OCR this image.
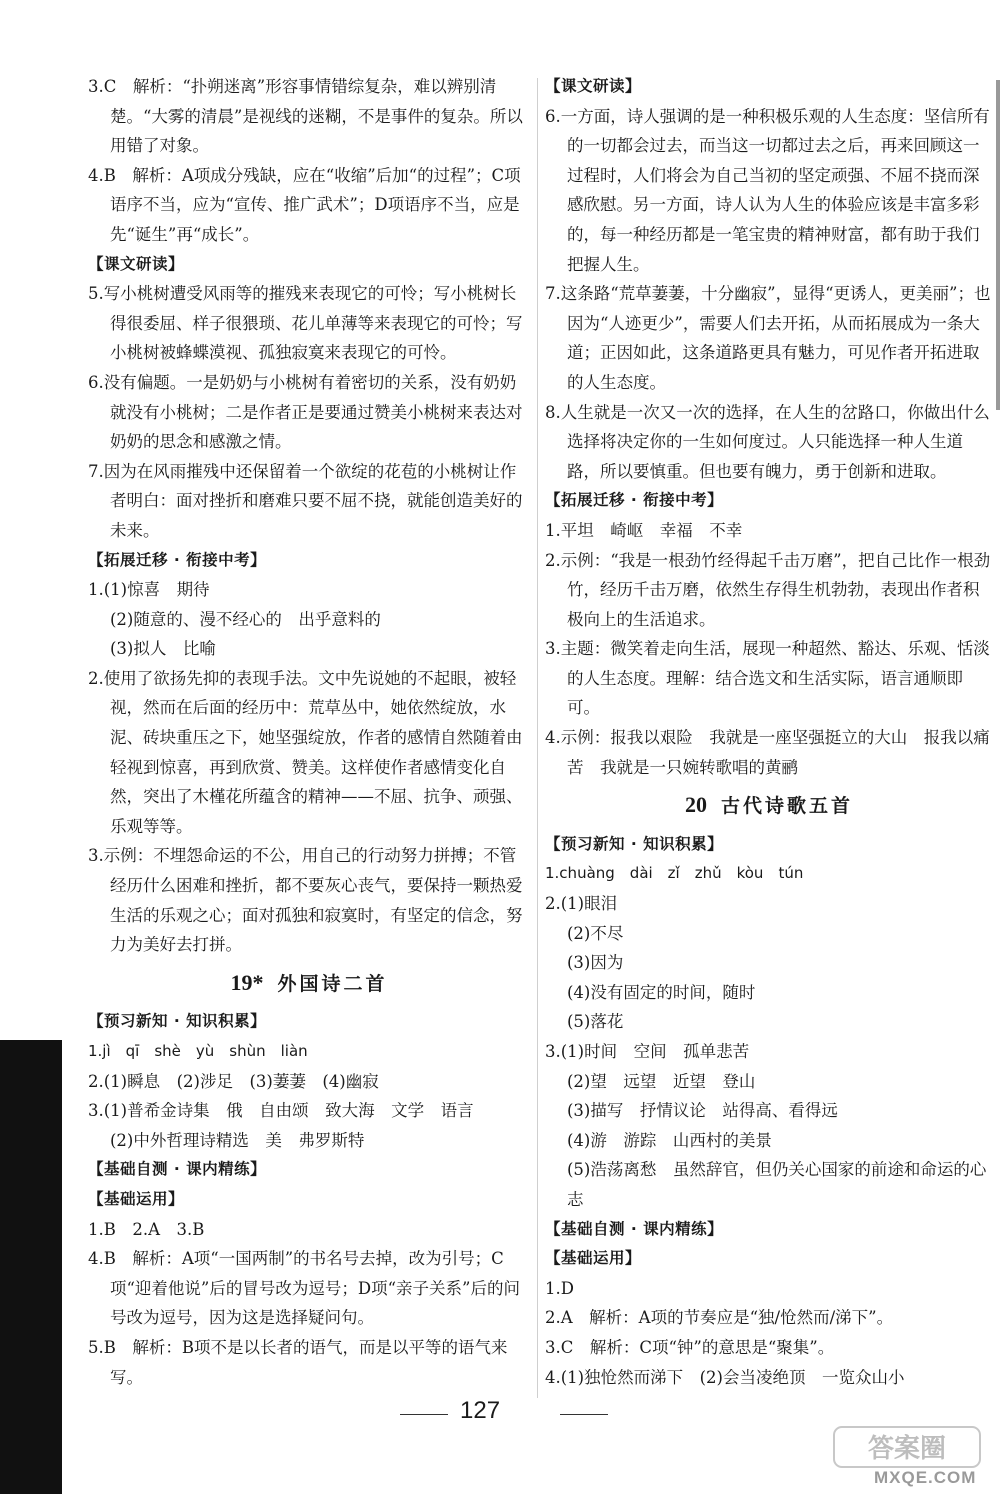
3.C　解析：“扑朔迷离”形容事情错综复杂，难以辨别清楚。“大雾的清晨”是视线的迷糊，不是事件的复杂。所以用错了对象。

4.B　解析：A项成分残缺，应在“收缩”后加“的过程”；C项语序不当，应为“宣传、推广武术”；D项语序不当，应是先“诞生”再“成长”。

【课文研读】

5.写小桃树遭受风雨等的摧残来表现它的可怜；写小桃树长得很委屈、样子很猥琐、花儿单薄等来表现它的可怜；写小桃树被蜂蝶漠视、孤独寂寞来表现它的可怜。

6.没有偏题。一是奶奶与小桃树有着密切的关系，没有奶奶就没有小桃树；二是作者正是要通过赞美小桃树来表达对奶奶的思念和感激之情。

7.因为在风雨摧残中还保留着一个欲绽的花苞的小桃树让作者明白：面对挫折和磨难只要不屈不挠，就能创造美好的未来。

【拓展迁移 · 衔接中考】

1.(1)惊喜　期待

(2)随意的、漫不经心的　出乎意料的

(3)拟人　比喻

2.使用了欲扬先抑的表现手法。文中先说她的不起眼，被轻视，然而在后面的经历中：荒草丛中，她依然绽放，水泥、砖块重压之下，她坚强绽放，作者的感情自然随着由轻视到惊喜，再到欣赏、赞美。这样使作者感情变化自然，突出了木槿花所蕴含的精神——不屈、抗争、顽强、乐观等等。

3.示例：不埋怨命运的不公，用自己的行动努力拼搏；不管经历什么困难和挫折，都不要灰心丧气，要保持一颗热爱生活的乐观之心；面对孤独和寂寞时，有坚定的信念，努力为美好去打拼。

19* 外国诗二首

【预习新知 · 知识积累】

1.jì　qī　shè　yù　shùn　liàn

2.(1)瞬息　(2)涉足　(3)萋萋　(4)幽寂

3.(1)普希金诗集　俄　自由颂　致大海　文学　语言

(2)中外哲理诗精选　美　弗罗斯特

【基础自测 · 课内精练】

【基础运用】

1.B　2.A　3.B

4.B　解析：A项“一国两制”的书名号去掉，改为引号；C项“迎着他说”后的冒号改为逗号；D项“亲子关系”后的问号改为逗号，因为这是选择疑问句。

5.B　解析：B项不是以长者的语气，而是以平等的语气来写。

【课文研读】

6.一方面，诗人强调的是一种积极乐观的人生态度：坚信所有的一切都会过去，而当这一切都过去之后，再来回顾这一过程时，人们将会为自己当初的坚定顽强、不屈不挠而深感欣慰。另一方面，诗人认为人生的体验应该是丰富多彩的，每一种经历都是一笔宝贵的精神财富，都有助于我们把握人生。

7.这条路“荒草萋萋，十分幽寂”，显得“更诱人，更美丽”；也因为“人迹更少”，需要人们去开拓，从而拓展成为一条大道；正因如此，这条道路更具有魅力，可见作者开拓进取的人生态度。

8.人生就是一次又一次的选择，在人生的岔路口，你做出什么选择将决定你的一生如何度过。人只能选择一种人生道路，所以要慎重。但也要有魄力，勇于创新和进取。

【拓展迁移 · 衔接中考】

1.平坦　崎岖　幸福　不幸

2.示例：“我是一根劲竹经得起千击万磨”，把自己比作一根劲竹，经历千击万磨，依然生存得生机勃勃，表现出作者积极向上的生活追求。

3.主题：微笑着走向生活，展现一种超然、豁达、乐观、恬淡的人生态度。理解：结合选文和生活实际，语言通顺即可。

4.示例：报我以艰险　我就是一座坚强挺立的大山　报我以痛苦　我就是一只婉转歌唱的黄鹂

20 古代诗歌五首

【预习新知 · 知识积累】

1.chuàng　dài　zǐ　zhǔ　kòu　tún

2.(1)眼泪

(2)不尽

(3)因为

(4)没有固定的时间，随时

(5)落花

3.(1)时间　空间　孤单悲苦

(2)望　远望　近望　登山

(3)描写　抒情议论　站得高、看得远

(4)游　游踪　山西村的美景

(5)浩荡离愁　虽然辞官，但仍关心国家的前途和命运的心志

【基础自测 · 课内精练】

【基础运用】

1.D

2.A　解析：A项的节奏应是“独/怆然而/涕下”。

3.C　解析：C项“钟”的意思是“聚集”。

4.(1)独怆然而涕下　(2)会当凌绝顶　一览众山小

127
答案圈
MXQE.COM
